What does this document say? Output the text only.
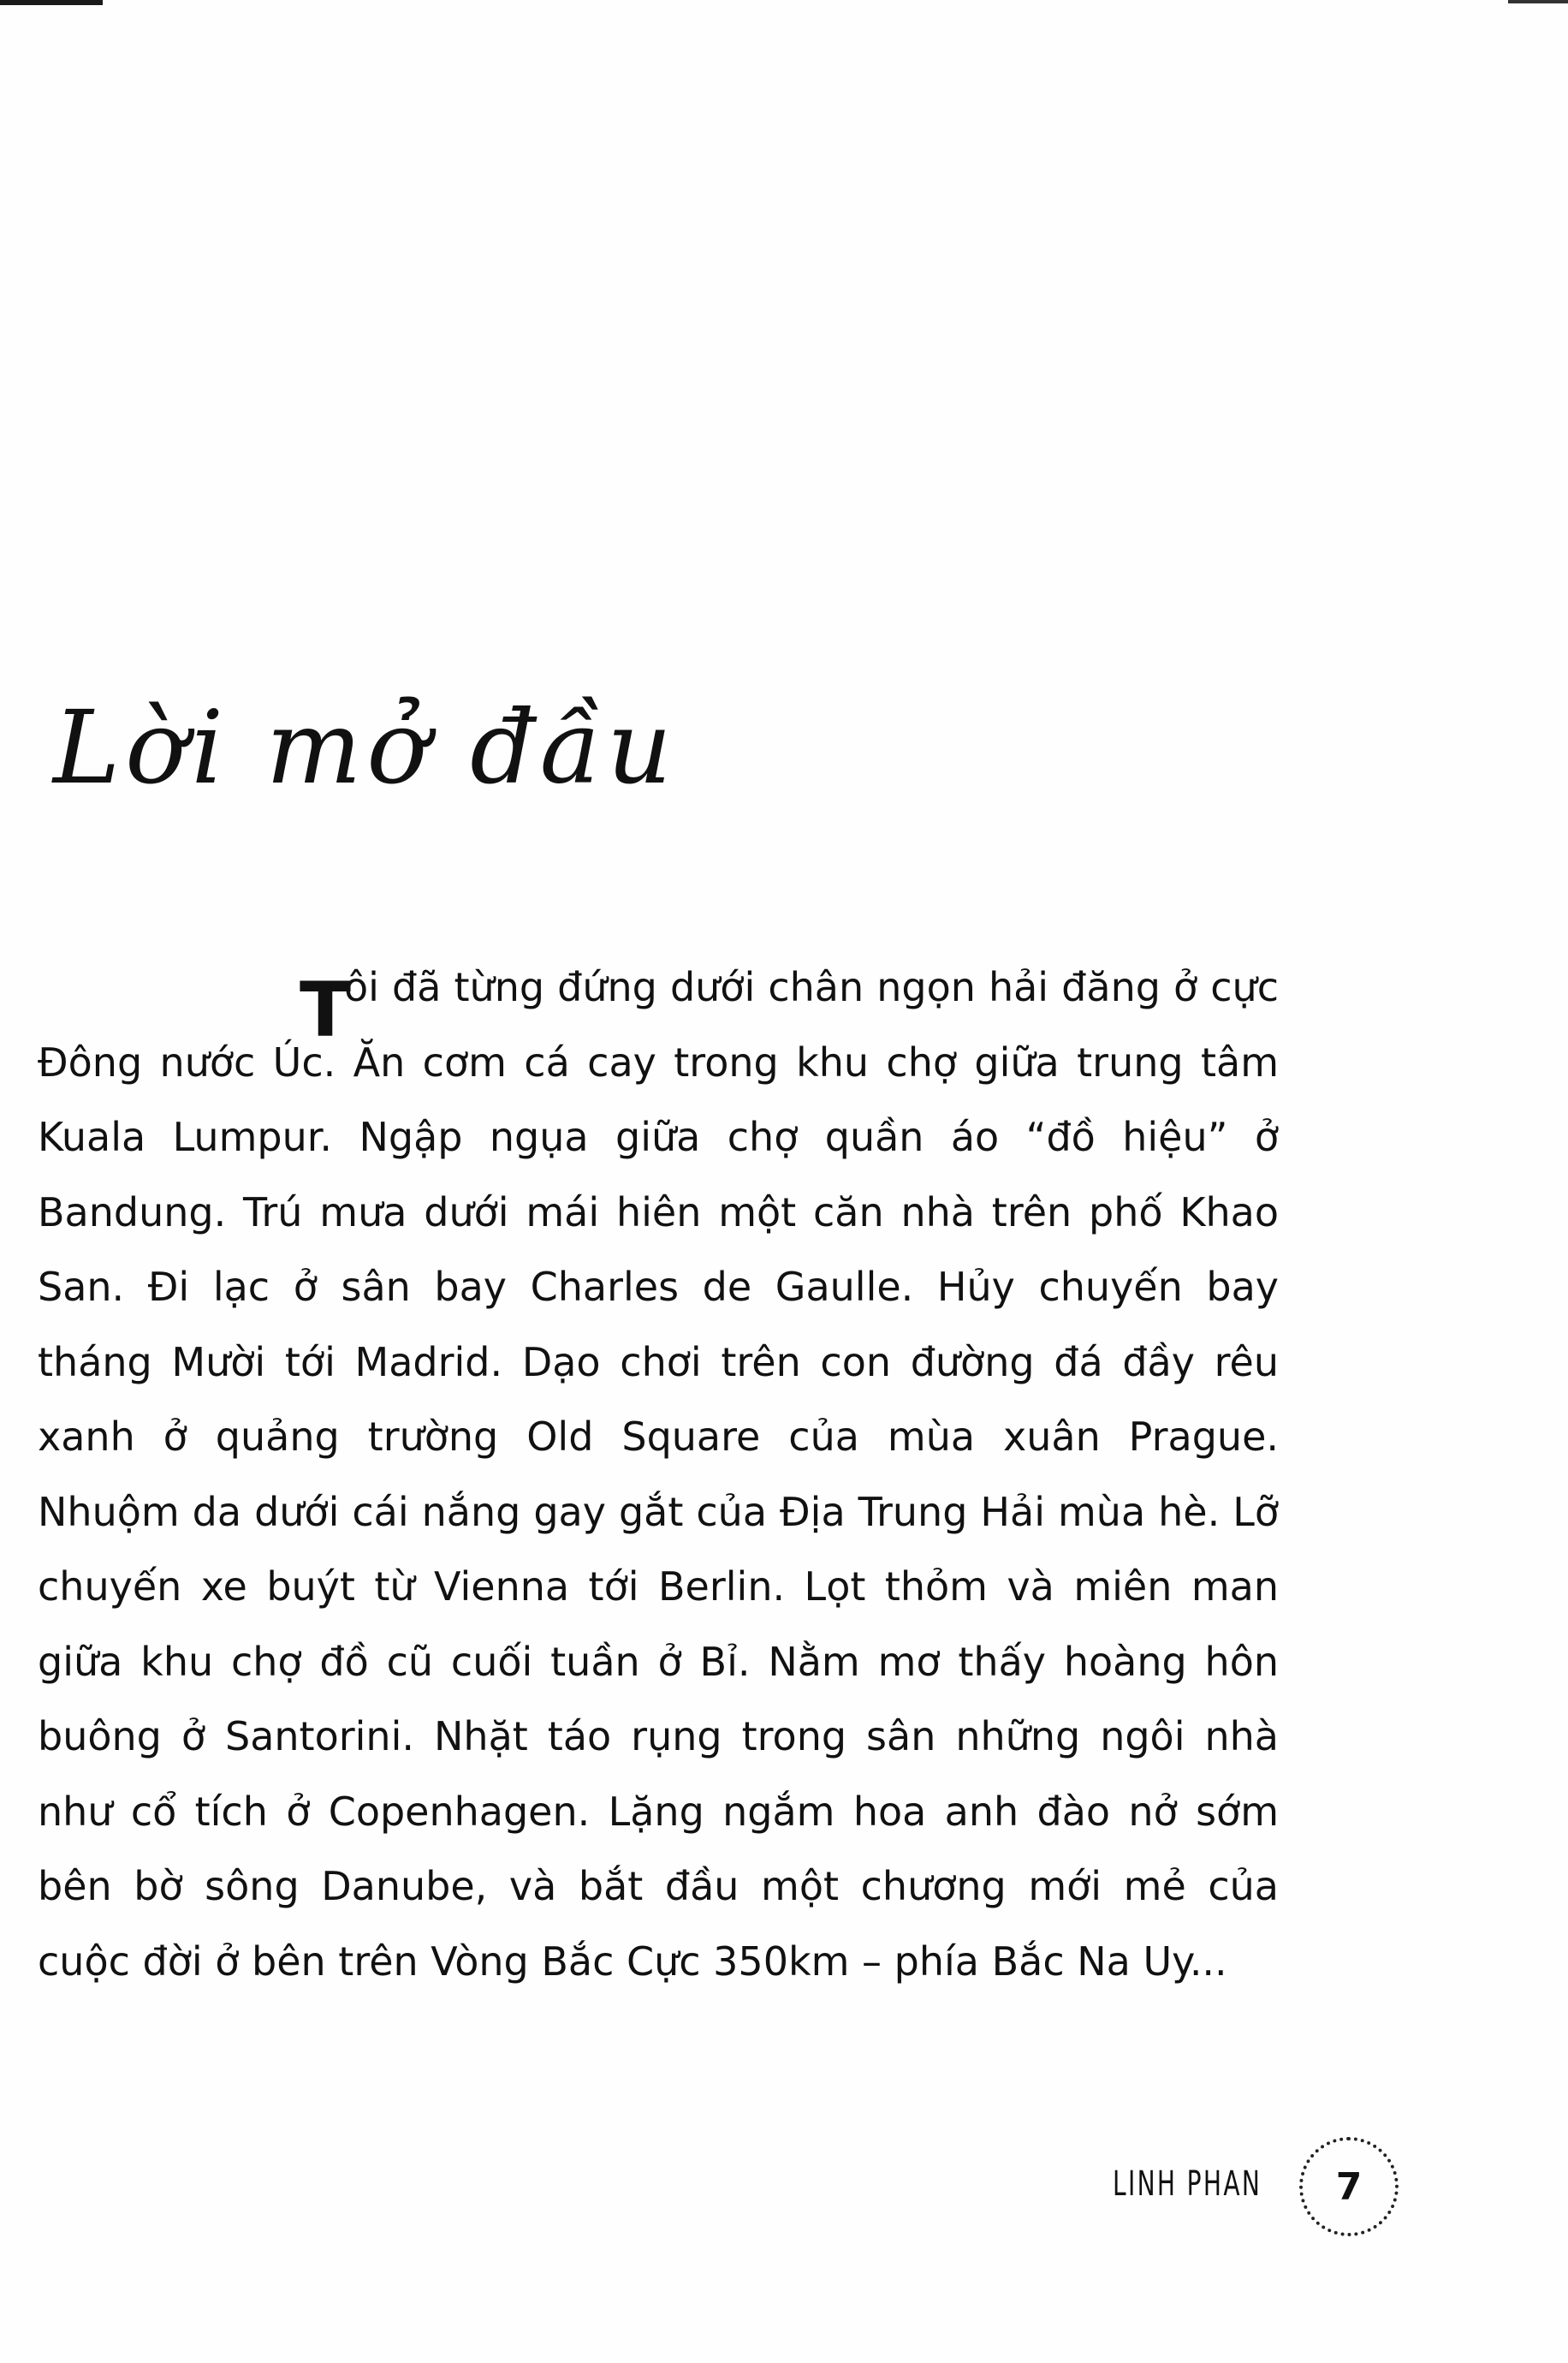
Lời mở đầu
T

ôi đã từng đứng dưới chân ngọn hải đăng ở cực Đông nước Úc. Ăn cơm cá cay trong khu chợ giữa trung tâm Kuala Lumpur. Ngập ngụa giữa chợ quần áo “đồ hiệu” ở Bandung. Trú mưa dưới mái hiên một căn nhà trên phố Khao San. Đi lạc ở sân bay Charles de Gaulle. Hủy chuyến bay tháng Mười tới Madrid. Dạo chơi trên con đường đá đầy rêu xanh ở quảng trường Old Square của mùa xuân Prague. Nhuộm da dưới cái nắng gay gắt của Địa Trung Hải mùa hè. Lỡ chuyến xe buýt từ Vienna tới Berlin. Lọt thỏm và miên man giữa khu chợ đồ cũ cuối tuần ở Bỉ. Nằm mơ thấy hoàng hôn buông ở Santorini. Nhặt táo rụng trong sân những ngôi nhà như cổ tích ở Copenhagen. Lặng ngắm hoa anh đào nở sớm bên bờ sông Danube, và bắt đầu một chương mới mẻ của cuộc đời ở bên trên Vòng Bắc Cực 350km – phía Bắc Na Uy...

LINH PHAN	7
